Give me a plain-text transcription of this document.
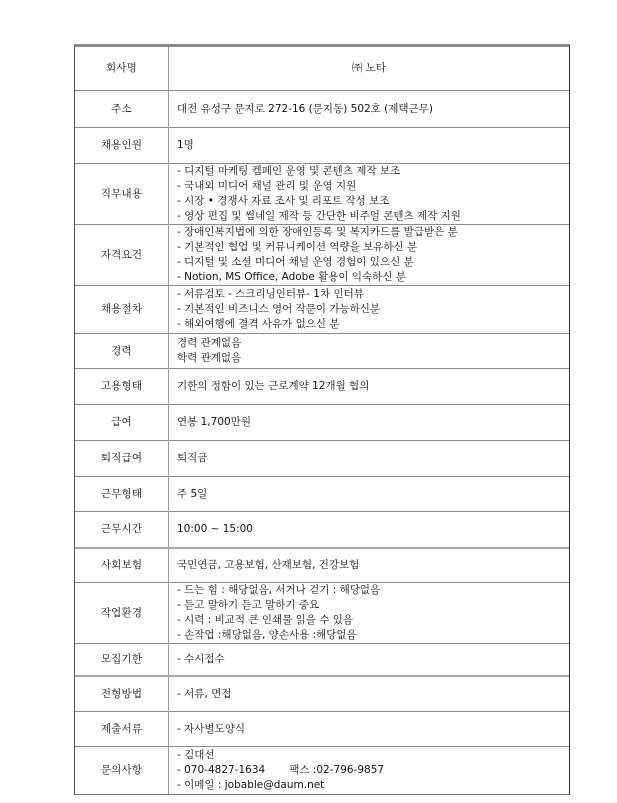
회사명	㈜ 노타

주소	대전 유성구 문지로 272-16 (문지동) 502호 (제택근무)

채용인원	1명

직무내용	- 디지털 마케팅 켐페인 운영 및 콘텐츠 제작 보조
- 국내외 미디어 채널 관리 및 운영 지원
- 시장 • 경쟁사 자료 조사 및 리포트 작성 보조
- 영상 편집 및 썸네일 제작 등 간단한 비주얼 콘텐츠 제작 지원

자격요건	- 장애인복지법에 의한 장애인등록 및 복지카드를 발급받은 분
- 기본적인 협업 및 커뮤니케이션 역량을 보유하신 분
- 디지털 및 소셜 미디어 채널 운영 경험이 있으신 분
- Notion, MS Office, Adobe 활용이 익숙하신 분

채용절차	- 서류검토 - 스크리닝인터뷰- 1차 인터뷰
- 기본적인 비즈니스 영어 작문이 가능하신분
- 해외여행에 결격 사유가 없으신 분

경력	경력 관계없음
학력 관계없음

고용형태	기한의 정함이 있는 근로계약 12개월 협의

급여	연봉 1,700만원

퇴직급여	퇴직금

근무형태	주 5일

근무시간	10:00 ~ 15:00

사회보험	국민연금, 고용보험, 산재보험, 건강보험

작업환경	- 드는 힘 : 해당없음, 서거나 걷기 : 해당없음
- 듣고 말하기 듣고 말하기 중요
- 시력 : 비교적 큰 인쇄물 읽을 수 있음
- 손작업 :해당없음, 양손사용 :해당없음

모집기한	- 수시접수

전형방법	- 서류, 면접

제출서류	- 자사별도양식

문의사항	- 김대선
- 070-4827-1634 팩스 :02-796-9857
- 이메일 : jobable@daum.net
